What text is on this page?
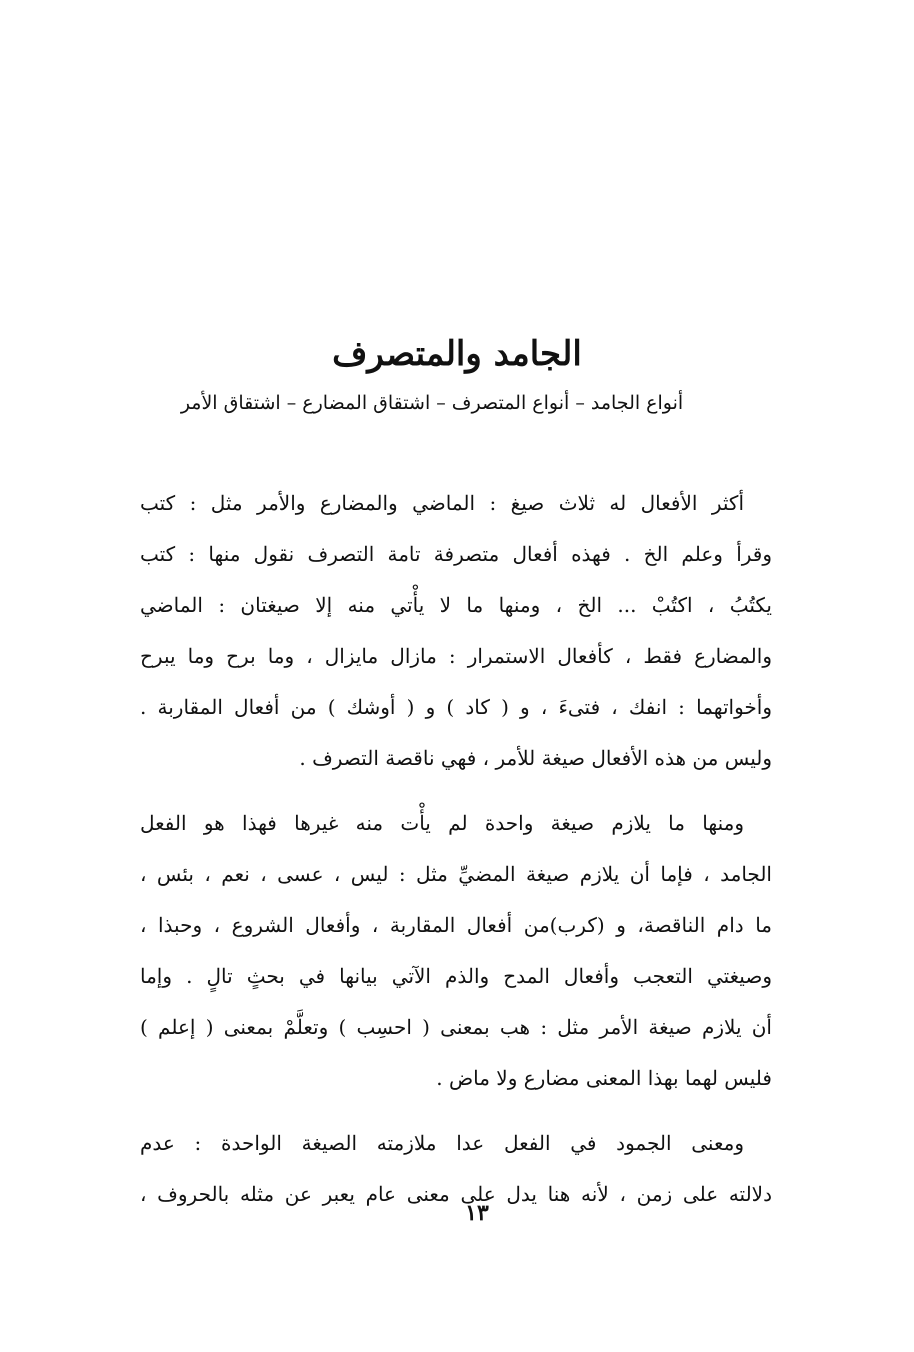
الجامد والمتصرف
أنواع الجامد – أنواع المتصرف – اشتقاق المضارع – اشتقاق الأمر

أكثر الأفعال له ثلاث صيغ : الماضي والمضارع والأمر مثل : كتب
وقرأ وعلم الخ . فهذه أفعال متصرفة تامة التصرف نقول منها : كتب
يكتُبُ ، اكتُبْ ... الخ ، ومنها ما لا يأْتي منه إلا صيغتان : الماضي
والمضارع فقط ، كأفعال الاستمرار : مازال مايزال ، وما برح وما يبرح
وأخواتهما : انفك ، فتىءَ ، و ( كاد ) و ( أوشك ) من أفعال المقاربة .
وليس من هذه الأفعال صيغة للأمر ، فهي ناقصة التصرف .

ومنها ما يلازم صيغة واحدة لم يأْت منه غيرها فهذا هو الفعل
الجامد ، فإما أن يلازم صيغة المضيِّ مثل : ليس ، عسى ، نعم ، بئس ،
ما دام الناقصة، و (كرب)من أفعال المقاربة ، وأفعال الشروع ، وحبذا ،
وصيغتي التعجب وأفعال المدح والذم الآتي بيانها في بحثٍ تالٍ . وإما
أن يلازم صيغة الأمر مثل : هب بمعنى ( احسِب ) وتعلَّمْ بمعنى ( إعلم )
فليس لهما بهذا المعنى مضارع ولا ماض .

ومعنى الجمود في الفعل عدا ملازمته الصيغة الواحدة : عدم
دلالته على زمن ، لأنه هنا يدل على معنى عام يعبر عن مثله بالحروف ،

١٣
